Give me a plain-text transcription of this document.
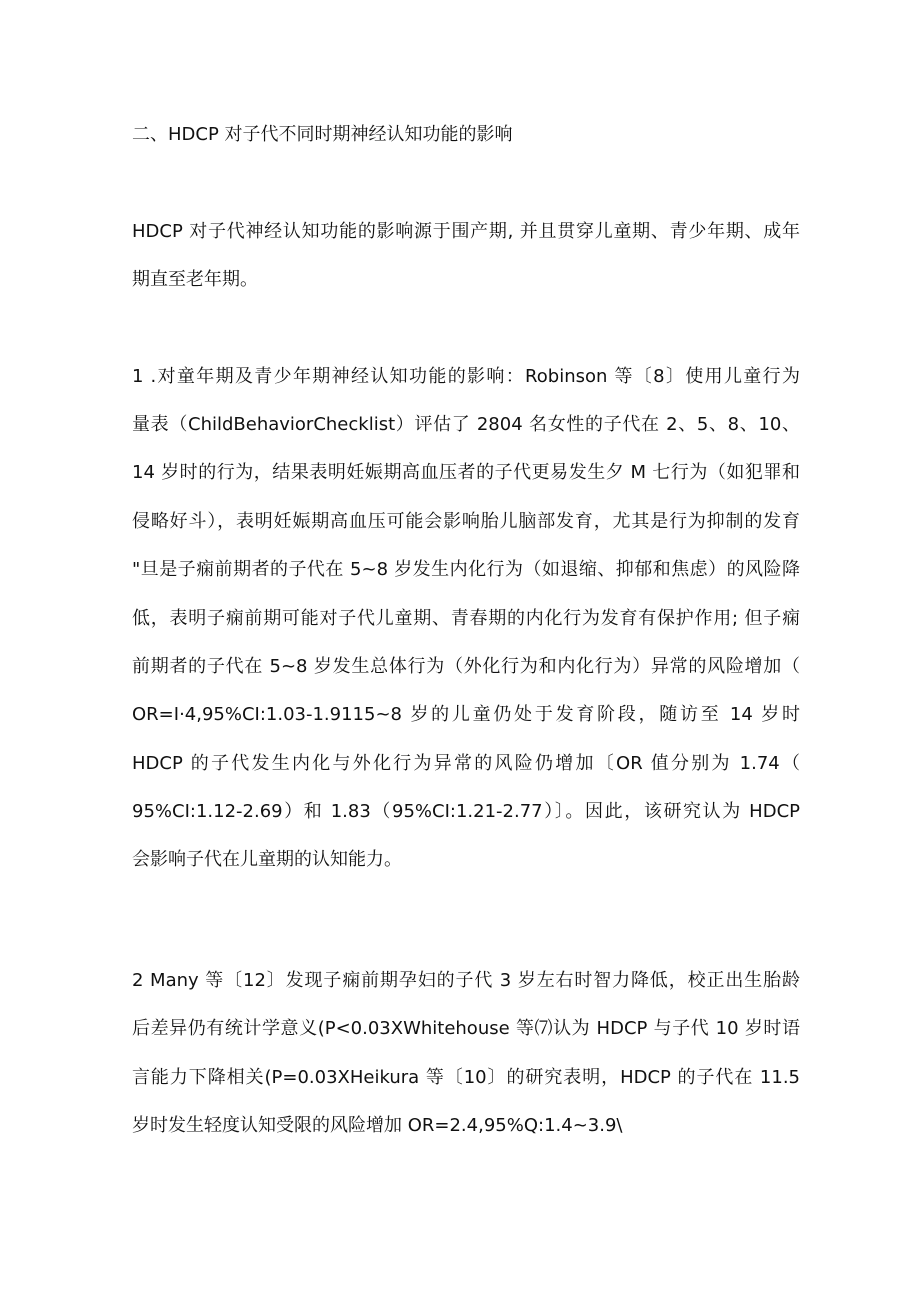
二、HDCP 对子代不同时期神经认知功能的影响
HDCP 对子代神经认知功能的影响源于围产期, 并且贯穿儿童期、青少年期、成年
期直至老年期。
1 .对童年期及青少年期神经认知功能的影响：Robinson 等〔8〕使用儿童行为
量表（ChildBehaviorChecklist）评估了 2804 名女性的子代在 2、5、8、10、
14 岁时的行为，结果表明妊娠期高血压者的子代更易发生夕 M 七行为（如犯罪和
侵略好斗），表明妊娠期高血压可能会影响胎儿脑部发育，尤其是行为抑制的发育
"旦是子痫前期者的子代在 5~8 岁发生内化行为（如退缩、抑郁和焦虑）的风险降
低，表明子痫前期可能对子代儿童期、青春期的内化行为发育有保护作用; 但子痫
前期者的子代在 5~8 岁发生总体行为（外化行为和内化行为）异常的风险增加（
OR=I·4,95%CI:1.03-1.9115~8 岁的儿童仍处于发育阶段，随访至 14 岁时
HDCP 的子代发生内化与外化行为异常的风险仍增加〔OR 值分别为 1.74（
95%CI:1.12-2.69）和 1.83（95%CI:1.21-2.77）〕。因此，该研究认为 HDCP
会影响子代在儿童期的认知能力。
2 Many 等〔12〕发现子痫前期孕妇的子代 3 岁左右时智力降低，校正出生胎龄
后差异仍有统计学意义(P<0.03XWhitehouse 等⑺认为 HDCP 与子代 10 岁时语
言能力下降相关(P=0.03XHeikura 等〔10〕的研究表明，HDCP 的子代在 11.5
岁时发生轻度认知受限的风险增加 OR=2.4,95%Q:1.4~3.9\
